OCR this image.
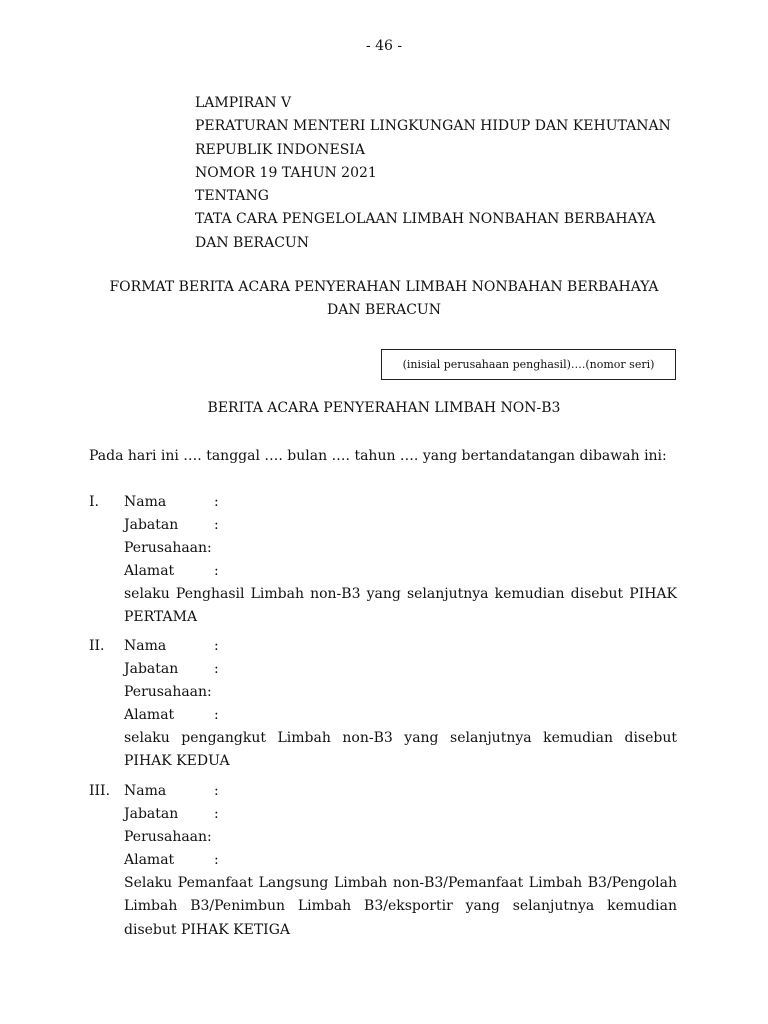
- 46 -
LAMPIRAN V
PERATURAN MENTERI LINGKUNGAN HIDUP DAN KEHUTANAN
REPUBLIK INDONESIA
NOMOR 19 TAHUN 2021
TENTANG
TATA CARA PENGELOLAAN LIMBAH NONBAHAN BERBAHAYA
DAN BERACUN
FORMAT BERITA ACARA PENYERAHAN LIMBAH NONBAHAN BERBAHAYA
DAN BERACUN
(inisial perusahaan penghasil)….(nomor seri)
BERITA ACARA PENYERAHAN LIMBAH NON-B3
Pada hari ini …. tanggal …. bulan …. tahun …. yang bertandatangan dibawah ini:
I. Nama	:
Jabatan	:
Perusahaan:
Alamat	:
selaku Penghasil Limbah non-B3 yang selanjutnya kemudian disebut PIHAK PERTAMA
II. Nama	:
Jabatan	:
Perusahaan:
Alamat	:
selaku pengangkut Limbah non-B3 yang selanjutnya kemudian disebut PIHAK KEDUA
III. Nama	:
Jabatan	:
Perusahaan:
Alamat	:
Selaku Pemanfaat Langsung Limbah non-B3/Pemanfaat Limbah B3/Pengolah Limbah B3/Penimbun Limbah B3/eksportir yang selanjutnya kemudian disebut PIHAK KETIGA
